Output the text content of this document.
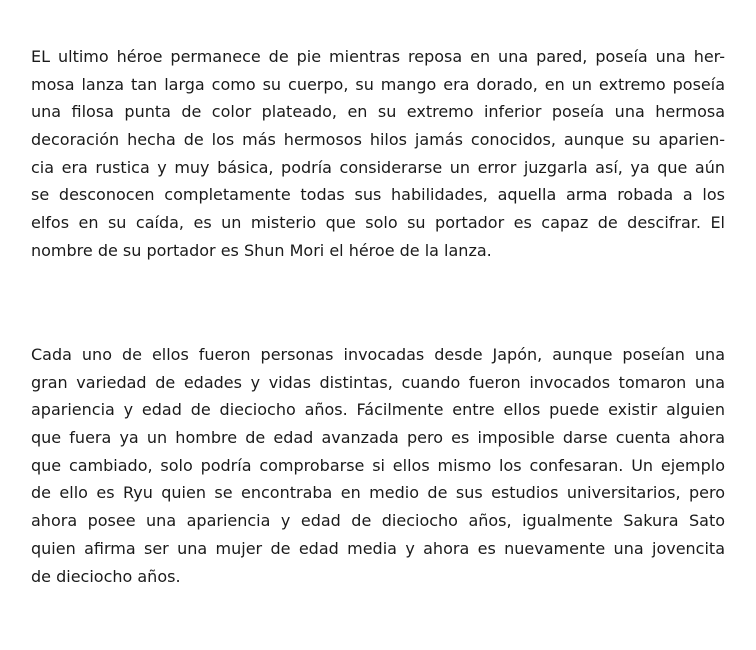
EL ultimo héroe permanece de pie mientras reposa en una pared, poseía una her-
mosa lanza tan larga como su cuerpo, su mango era dorado, en un extremo poseía
una filosa punta de color plateado, en su extremo inferior poseía una hermosa
decoración hecha de los más hermosos hilos jamás conocidos, aunque su aparien-
cia era rustica y muy básica, podría considerarse un error juzgarla así, ya que aún
se desconocen completamente todas sus habilidades, aquella arma robada a los
elfos en su caída, es un misterio que solo su portador es capaz de descifrar. El
nombre de su portador es Shun Mori el héroe de la lanza.

Cada uno de ellos fueron personas invocadas desde Japón, aunque poseían una
gran variedad de edades y vidas distintas, cuando fueron invocados tomaron una
apariencia y edad de dieciocho años. Fácilmente entre ellos puede existir alguien
que fuera ya un hombre de edad avanzada pero es imposible darse cuenta ahora
que cambiado, solo podría comprobarse si ellos mismo los confesaran. Un ejemplo
de ello es Ryu quien se encontraba en medio de sus estudios universitarios, pero
ahora posee una apariencia y edad de dieciocho años, igualmente Sakura Sato
quien afirma ser una mujer de edad media y ahora es nuevamente una jovencita
de dieciocho años.
